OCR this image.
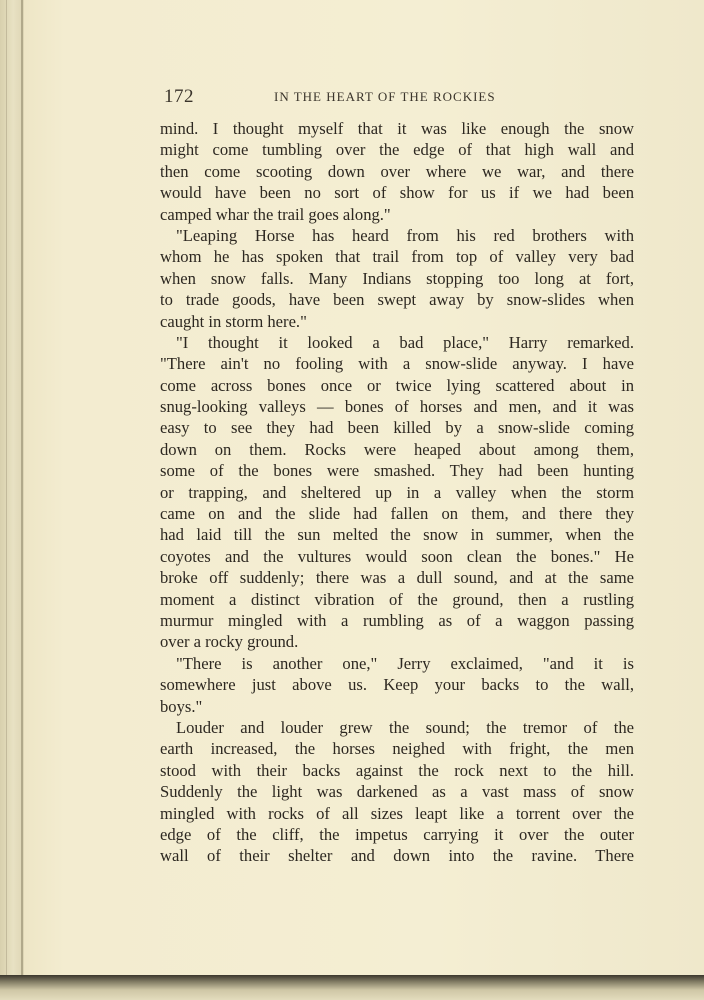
172	IN THE HEART OF THE ROCKIES
mind. I thought myself that it was like enough the snow
might come tumbling over the edge of that high wall and
then come scooting down over where we war, and there
would have been no sort of show for us if we had been
camped whar the trail goes along."
"Leaping Horse has heard from his red brothers with
whom he has spoken that trail from top of valley very bad
when snow falls. Many Indians stopping too long at fort,
to trade goods, have been swept away by snow-slides when
caught in storm here."
"I thought it looked a bad place," Harry remarked.
"There ain't no fooling with a snow-slide anyway. I have
come across bones once or twice lying scattered about in
snug-looking valleys — bones of horses and men, and it was
easy to see they had been killed by a snow-slide coming
down on them. Rocks were heaped about among them,
some of the bones were smashed. They had been hunting
or trapping, and sheltered up in a valley when the storm
came on and the slide had fallen on them, and there they
had laid till the sun melted the snow in summer, when the
coyotes and the vultures would soon clean the bones." He
broke off suddenly; there was a dull sound, and at the same
moment a distinct vibration of the ground, then a rustling
murmur mingled with a rumbling as of a waggon passing
over a rocky ground.
"There is another one," Jerry exclaimed, "and it is
somewhere just above us. Keep your backs to the wall,
boys."
Louder and louder grew the sound; the tremor of the
earth increased, the horses neighed with fright, the men
stood with their backs against the rock next to the hill.
Suddenly the light was darkened as a vast mass of snow
mingled with rocks of all sizes leapt like a torrent over the
edge of the cliff, the impetus carrying it over the outer
wall of their shelter and down into the ravine. There
